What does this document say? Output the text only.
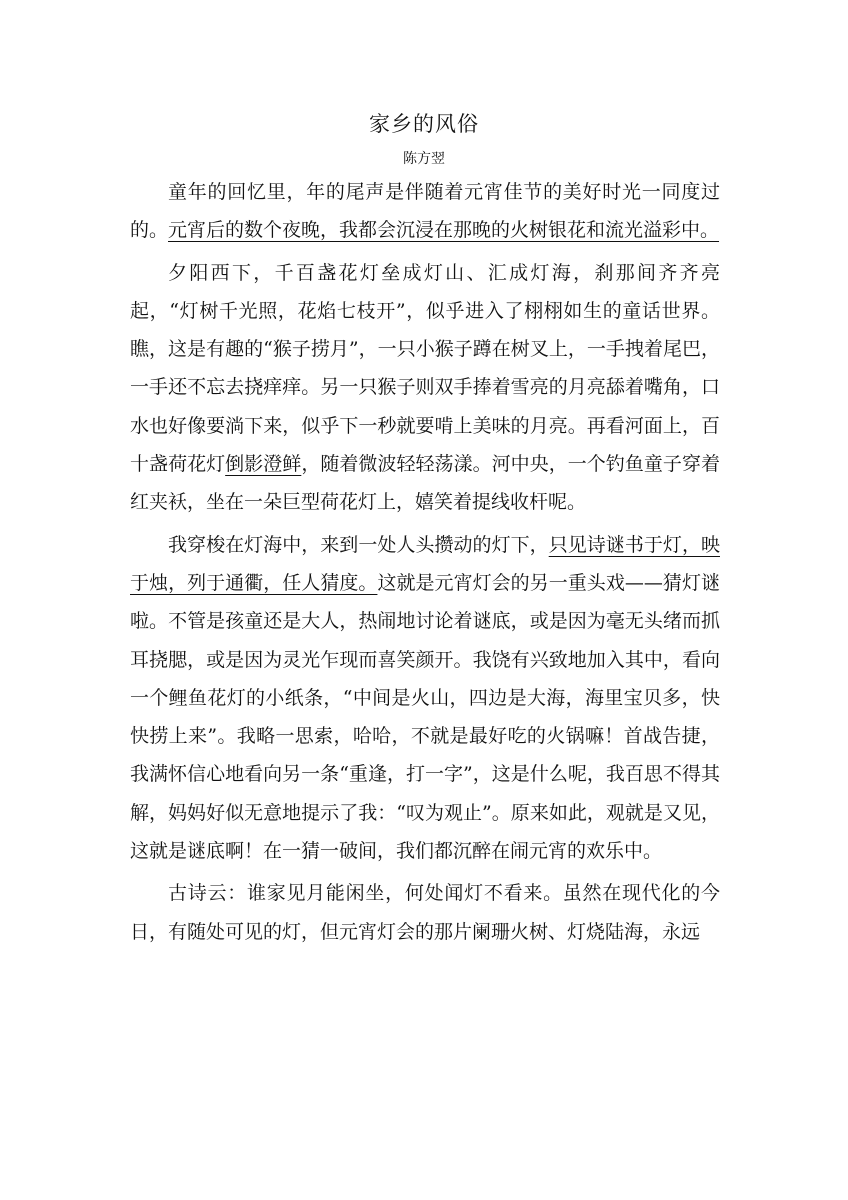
家乡的风俗
陈方翌

童年的回忆里，年的尾声是伴随着元宵佳节的美好时光一同度过的。元宵后的数个夜晚，我都会沉浸在那晚的火树银花和流光溢彩中。

夕阳西下，千百盏花灯垒成灯山、汇成灯海，刹那间齐齐亮起，“灯树千光照，花焰七枝开”，似乎进入了栩栩如生的童话世界。瞧，这是有趣的“猴子捞月”，一只小猴子蹲在树叉上，一手拽着尾巴，一手还不忘去挠痒痒。另一只猴子则双手捧着雪亮的月亮舔着嘴角，口水也好像要淌下来，似乎下一秒就要啃上美味的月亮。再看河面上，百十盏荷花灯倒影澄鲜，随着微波轻轻荡漾。河中央，一个钓鱼童子穿着红夹袄，坐在一朵巨型荷花灯上，嬉笑着提线收杆呢。

我穿梭在灯海中，来到一处人头攒动的灯下，只见诗谜书于灯，映于烛，列于通衢，任人猜度。这就是元宵灯会的另一重头戏——猜灯谜啦。不管是孩童还是大人，热闹地讨论着谜底，或是因为毫无头绪而抓耳挠腮，或是因为灵光乍现而喜笑颜开。我饶有兴致地加入其中，看向一个鲤鱼花灯的小纸条，“中间是火山，四边是大海，海里宝贝多，快快捞上来”。我略一思索，哈哈，不就是最好吃的火锅嘛！首战告捷，我满怀信心地看向另一条“重逢，打一字”，这是什么呢，我百思不得其解，妈妈好似无意地提示了我：“叹为观止”。原来如此，观就是又见，这就是谜底啊！在一猜一破间，我们都沉醉在闹元宵的欢乐中。

古诗云：谁家见月能闲坐，何处闻灯不看来。虽然在现代化的今日，有随处可见的灯，但元宵灯会的那片阑珊火树、灯烧陆海，永远
